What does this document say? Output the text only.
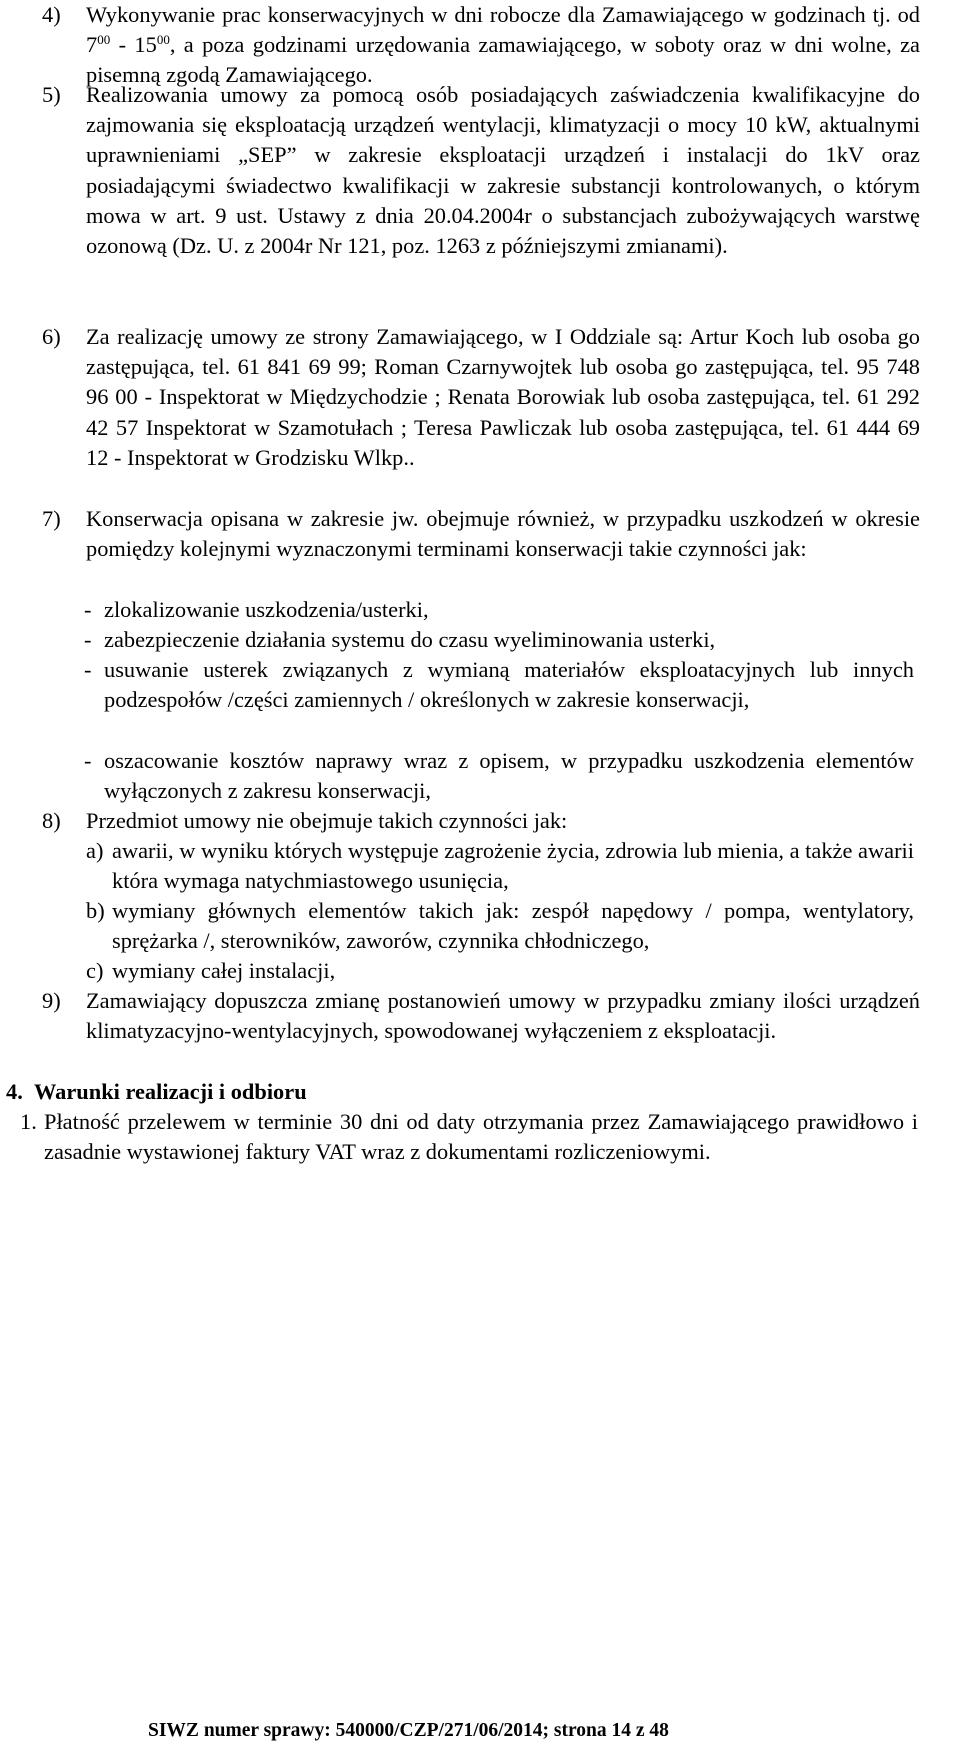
4) Wykonywanie prac konserwacyjnych w dni robocze dla Zamawiającego w godzinach tj. od $7^{00} - 15^{00}$, a poza godzinami urzędowania zamawiającego, w soboty oraz w dni wolne, za pisemną zgodą Zamawiającego.
5) Realizowania umowy za pomocą osób posiadających zaświadczenia kwalifikacyjne do zajmowania się eksploatacją urządzeń wentylacji, klimatyzacji o mocy 10 kW, aktualnymi uprawnieniami „SEP” w zakresie eksploatacji urządzeń i instalacji do 1kV oraz posiadającymi świadectwo kwalifikacji w zakresie substancji kontrolowanych, o którym mowa w art. 9 ust. Ustawy z dnia 20.04.2004r o substancjach zubożywających warstwę ozonową (Dz. U. z 2004r Nr 121, poz. 1263 z późniejszymi zmianami).
6) Za realizację umowy ze strony Zamawiającego, w I Oddziale są: Artur Koch lub osoba go zastępująca, tel. 61 841 69 99; Roman Czarnywojtek lub osoba go zastępująca, tel. 95 748 96 00 - Inspektorat w Międzychodzie ; Renata Borowiak lub osoba zastępująca, tel. 61 292 42 57 Inspektorat w Szamotułach ; Teresa Pawliczak lub osoba zastępująca, tel. 61 444 69 12 - Inspektorat w Grodzisku Wlkp..
7) Konserwacja opisana w zakresie jw. obejmuje również, w przypadku uszkodzeń w okresie pomiędzy kolejnymi wyznaczonymi terminami konserwacji takie czynności jak:
- zlokalizowanie uszkodzenia/usterki,
- zabezpieczenie działania systemu do czasu wyeliminowania usterki,
- usuwanie usterek związanych z wymianą materiałów eksploatacyjnych lub innych podzespołów /części zamiennych / określonych w zakresie konserwacji,
- oszacowanie kosztów naprawy wraz z opisem, w przypadku uszkodzenia elementów wyłączonych z zakresu konserwacji,
8) Przedmiot umowy nie obejmuje takich czynności jak:
a) awarii, w wyniku których występuje zagrożenie życia, zdrowia lub mienia, a także awarii która wymaga natychmiastowego usunięcia,
b) wymiany głównych elementów takich jak: zespół napędowy / pompa, wentylatory, sprężarka /, sterowników, zaworów, czynnika chłodniczego,
c) wymiany całej instalacji,
9) Zamawiający dopuszcza zmianę postanowień umowy w przypadku zmiany ilości urządzeń klimatyzacyjno-wentylacyjnych, spowodowanej wyłączeniem z eksploatacji.
4. Warunki realizacji i odbioru
1. Płatność przelewem w terminie 30 dni od daty otrzymania przez Zamawiającego prawidłowo i zasadnie wystawionej faktury VAT wraz z dokumentami rozliczeniowymi.
SIWZ numer sprawy: 540000/CZP/271/06/2014; strona 14 z 48
